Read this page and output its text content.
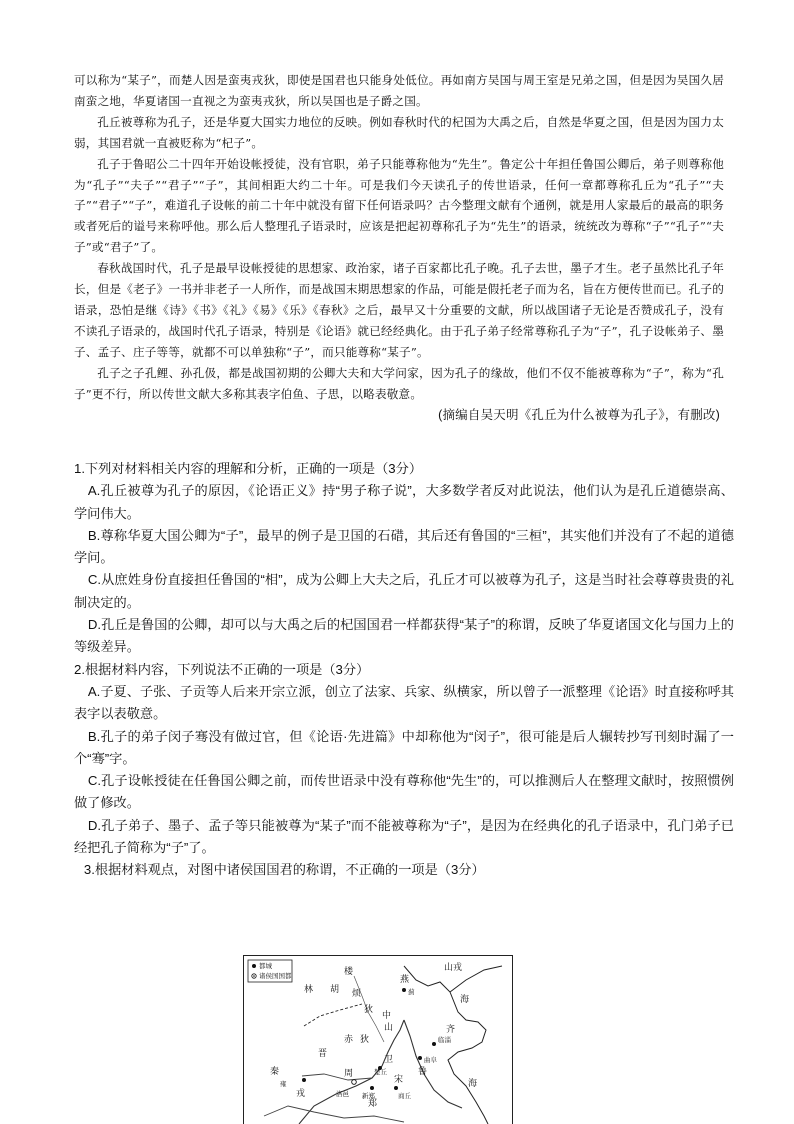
可以称为“某子”，而楚人因是蛮夷戎狄，即使是国君也只能身处低位。再如南方吴国与周王室是兄弟之国，但是因为吴国久居南蛮之地，华夏诸国一直视之为蛮夷戎狄，所以吴国也是子爵之国。

孔丘被尊称为孔子，还是华夏大国实力地位的反映。例如春秋时代的杞国为大禹之后，自然是华夏之国，但是因为国力太弱，其国君就一直被贬称为“杞子”。

孔子于鲁昭公二十四年开始设帐授徒，没有官职，弟子只能尊称他为“先生”。鲁定公十年担任鲁国公卿后，弟子则尊称他为“孔子”“夫子”“君子”“子”，其间相距大约二十年。可是我们今天读孔子的传世语录，任何一章都尊称孔丘为“孔子”“夫子”“君子”“子”，难道孔子设帐的前二十年中就没有留下任何语录吗？古今整理文献有个通例，就是用人家最后的最高的职务或者死后的谥号来称呼他。那么后人整理孔子语录时，应该是把起初尊称孔子为“先生”的语录，统统改为尊称“子”“孔子”“夫子”或“君子”了。

春秋战国时代，孔子是最早设帐授徒的思想家、政治家，诸子百家都比孔子晚。孔子去世，墨子才生。老子虽然比孔子年长，但是《老子》一书并非老子一人所作，而是战国末期思想家的作品，可能是假托老子而为名，旨在方便传世而已。孔子的语录，恐怕是继《诗》《书》《礼》《易》《乐》《春秋》之后，最早又十分重要的文献，所以战国诸子无论是否赞成孔子，没有不读孔子语录的，战国时代孔子语录，特别是《论语》就已经经典化。由于孔子弟子经常尊称孔子为“子”，孔子设帐弟子、墨子、孟子、庄子等等，就都不可以单独称“子”，而只能尊称“某子”。

孔子之子孔鲤、孙孔伋，都是战国初期的公卿大夫和大学问家，因为孔子的缘故，他们不仅不能被尊称为“子”，称为“孔子”更不行，所以传世文献大多称其表字伯鱼、子思，以略表敬意。

(摘编自吴天明《孔丘为什么被尊为孔子》，有删改)

1.下列对材料相关内容的理解和分析，正确的一项是（3分）

A.孔丘被尊为孔子的原因，《论语正义》持“男子称子说”，大多数学者反对此说法，他们认为是孔丘道德崇高、学问伟大。

B.尊称华夏大国公卿为“子”，最早的例子是卫国的石碏，其后还有鲁国的“三桓”，其实他们并没有了不起的道德学问。

C.从庶姓身份直接担任鲁国的“相”，成为公卿上大夫之后，孔丘才可以被尊为孔子，这是当时社会尊尊贵贵的礼制决定的。

D.孔丘是鲁国的公卿，却可以与大禹之后的杞国国君一样都获得“某子”的称谓，反映了华夏诸国文化与国力上的等级差异。

2.根据材料内容，下列说法不正确的一项是（3分）

A.子夏、子张、子贡等人后来开宗立派，创立了法家、兵家、纵横家，所以曾子一派整理《论语》时直接称呼其表字以表敬意。

B.孔子的弟子闵子骞没有做过官，但《论语·先进篇》中却称他为“闵子”，很可能是后人辗转抄写刊刻时漏了一个“骞”字。

C.孔子设帐授徒在任鲁国公卿之前，而传世语录中没有尊称他“先生”的，可以推测后人在整理文献时，按照惯例做了修改。

D.孔子弟子、墨子、孟子等只能被尊为“某子”而不能被尊称为“子”，是因为在经典化的孔子语录中，孔门弟子已经把孔子简称为“子”了。

3.根据材料观点，对图中诸侯国国君的称谓，不正确的一项是（3分）

都城
诸侯国国都
山戎
楼
林 胡 烦
燕
蓟
狄
中
山
临淄
齐
曲阜
鲁
赤 狄
秦
雍
周
洛邑 新郑
郑
宋
商丘
卫
楚丘
晋
海
海
戎
